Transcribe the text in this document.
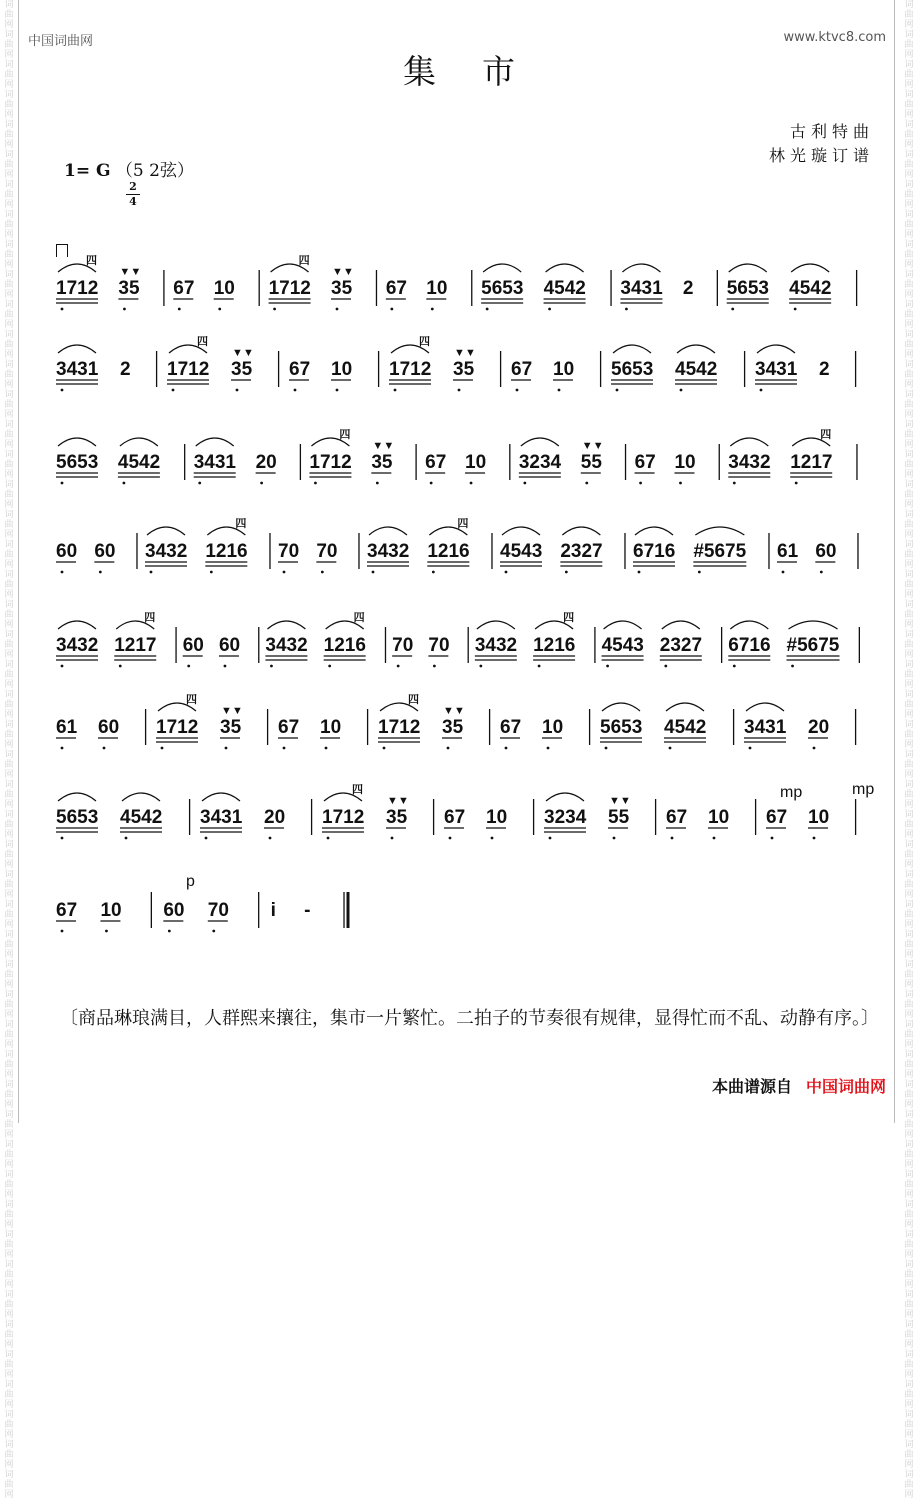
词曲网词曲网词曲网词曲网词曲网词曲网词曲网词曲网词曲网词曲网词曲网词曲网词曲网词曲网词曲网词曲网词曲网词曲网词曲网词曲网词曲网词曲网词曲网词曲网词曲网词曲网词曲网词曲网词曲网词曲网词曲网词曲网词曲网词曲网词曲网词曲网词曲网词曲网词曲网词曲网词曲网词曲网词曲网词曲网词曲网词曲网词曲网词曲网词曲网词曲网
词曲网词曲网词曲网词曲网词曲网词曲网词曲网词曲网词曲网词曲网词曲网词曲网词曲网词曲网词曲网词曲网词曲网词曲网词曲网词曲网词曲网词曲网词曲网词曲网词曲网词曲网词曲网词曲网词曲网词曲网词曲网词曲网词曲网词曲网词曲网词曲网词曲网词曲网词曲网词曲网词曲网词曲网词曲网词曲网词曲网词曲网词曲网词曲网词曲网词曲网
中国词曲网	www.ktvc8.com
集市
古利特曲
林光璇订谱
1= G （5 2弦）
2
4
1712
四
35
▼ ▼
67 10 1712
四
35
▼ ▼
67 10 5653 4542 3431 2 5653 4542
3431 2 1712
四
35
▼ ▼
67 10 1712
四
35
▼ ▼
67 10 5653 4542 3431 2
5653 4542 3431 20 1712
四
35
▼ ▼
67 10 3234 55
▼ ▼
67 10 3432 1217
四
60 60 3432 1216
四
70 70 3432 1216
四
4543 2327 6716 #5675 61 60
3432 1217
四
60 60 3432 1216
四
70 70 3432 1216
四
4543 2327 6716 #5675
61 60 1712
四
35
▼ ▼
67 10 1712
四
35
▼ ▼
67 10 5653 4542 3431 20
5653 4542 3431 20 1712
四
35
▼ ▼
67 10 3234 55
▼ ▼
67 10 67 10
67 10 60 70 i -
mp	mp
p
〔商品琳琅满目，人群熙来攘往，集市一片繁忙。二拍子的节奏很有规律，显得忙而不乱、动静有序。〕
本曲谱源自 中国词曲网
